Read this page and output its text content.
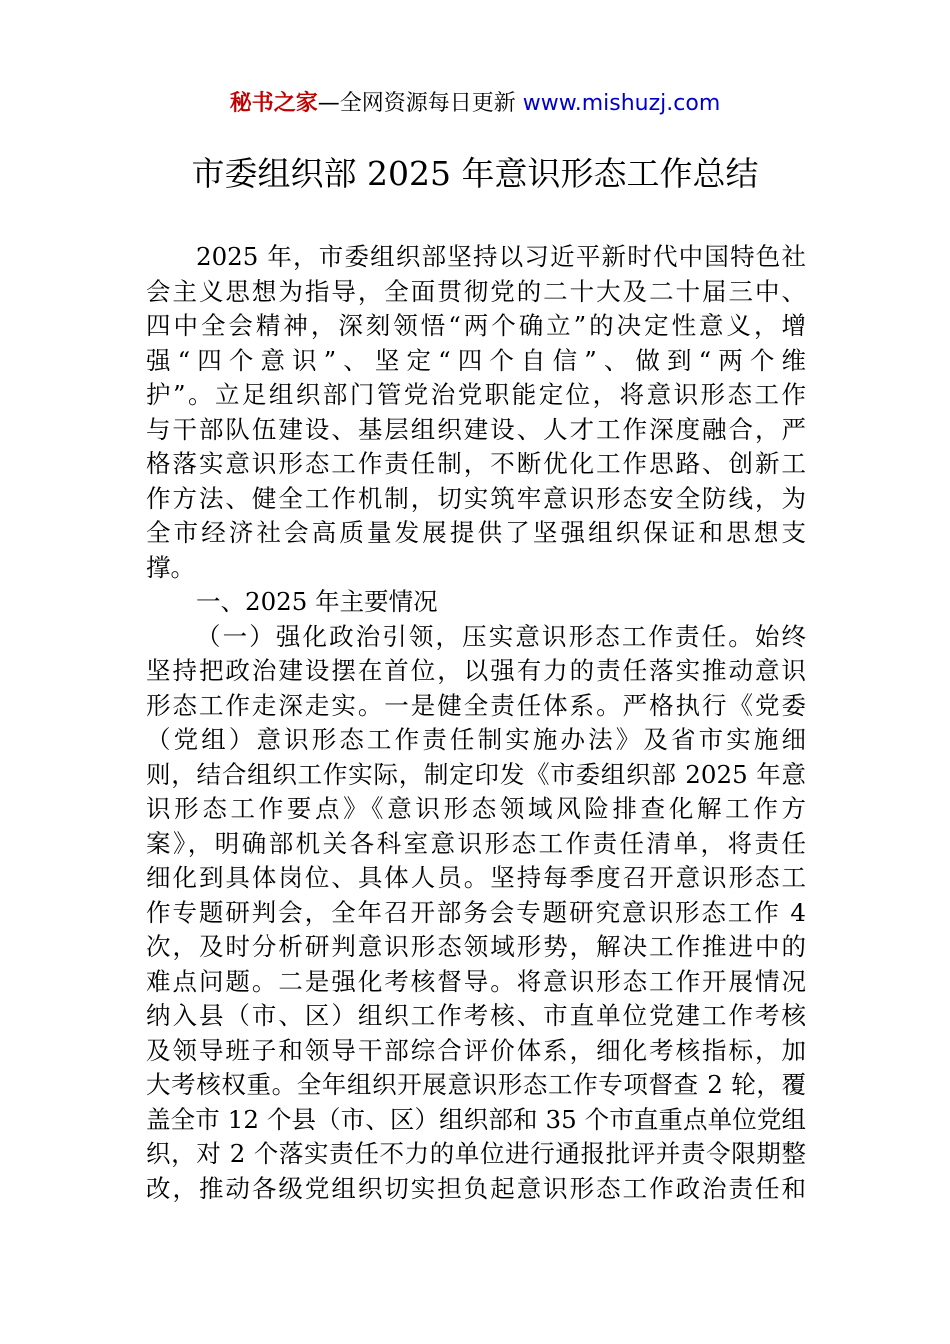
秘书之家—全网资源每日更新 www.mishuzj.com
市委组织部 2025 年意识形态工作总结
2025 年，市委组织部坚持以习近平新时代中国特色社
会主义思想为指导，全面贯彻党的二十大及二十届三中、
四中全会精神，深刻领悟“两个确立”的决定性意义，增
强“四个意识”、坚定“四个自信”、做到“两个维
护”。立足组织部门管党治党职能定位，将意识形态工作
与干部队伍建设、基层组织建设、人才工作深度融合，严
格落实意识形态工作责任制，不断优化工作思路、创新工
作方法、健全工作机制，切实筑牢意识形态安全防线，为
全市经济社会高质量发展提供了坚强组织保证和思想支
撑。
一、2025 年主要情况
（一）强化政治引领，压实意识形态工作责任。始终
坚持把政治建设摆在首位，以强有力的责任落实推动意识
形态工作走深走实。一是健全责任体系。严格执行《党委
（党组）意识形态工作责任制实施办法》及省市实施细
则，结合组织工作实际，制定印发《市委组织部 2025 年意
识形态工作要点》《意识形态领域风险排查化解工作方
案》，明确部机关各科室意识形态工作责任清单，将责任
细化到具体岗位、具体人员。坚持每季度召开意识形态工
作专题研判会，全年召开部务会专题研究意识形态工作 4
次，及时分析研判意识形态领域形势，解决工作推进中的
难点问题。二是强化考核督导。将意识形态工作开展情况
纳入县（市、区）组织工作考核、市直单位党建工作考核
及领导班子和领导干部综合评价体系，细化考核指标，加
大考核权重。全年组织开展意识形态工作专项督查 2 轮，覆
盖全市 12 个县（市、区）组织部和 35 个市直重点单位党组
织，对 2 个落实责任不力的单位进行通报批评并责令限期整
改，推动各级党组织切实担负起意识形态工作政治责任和
